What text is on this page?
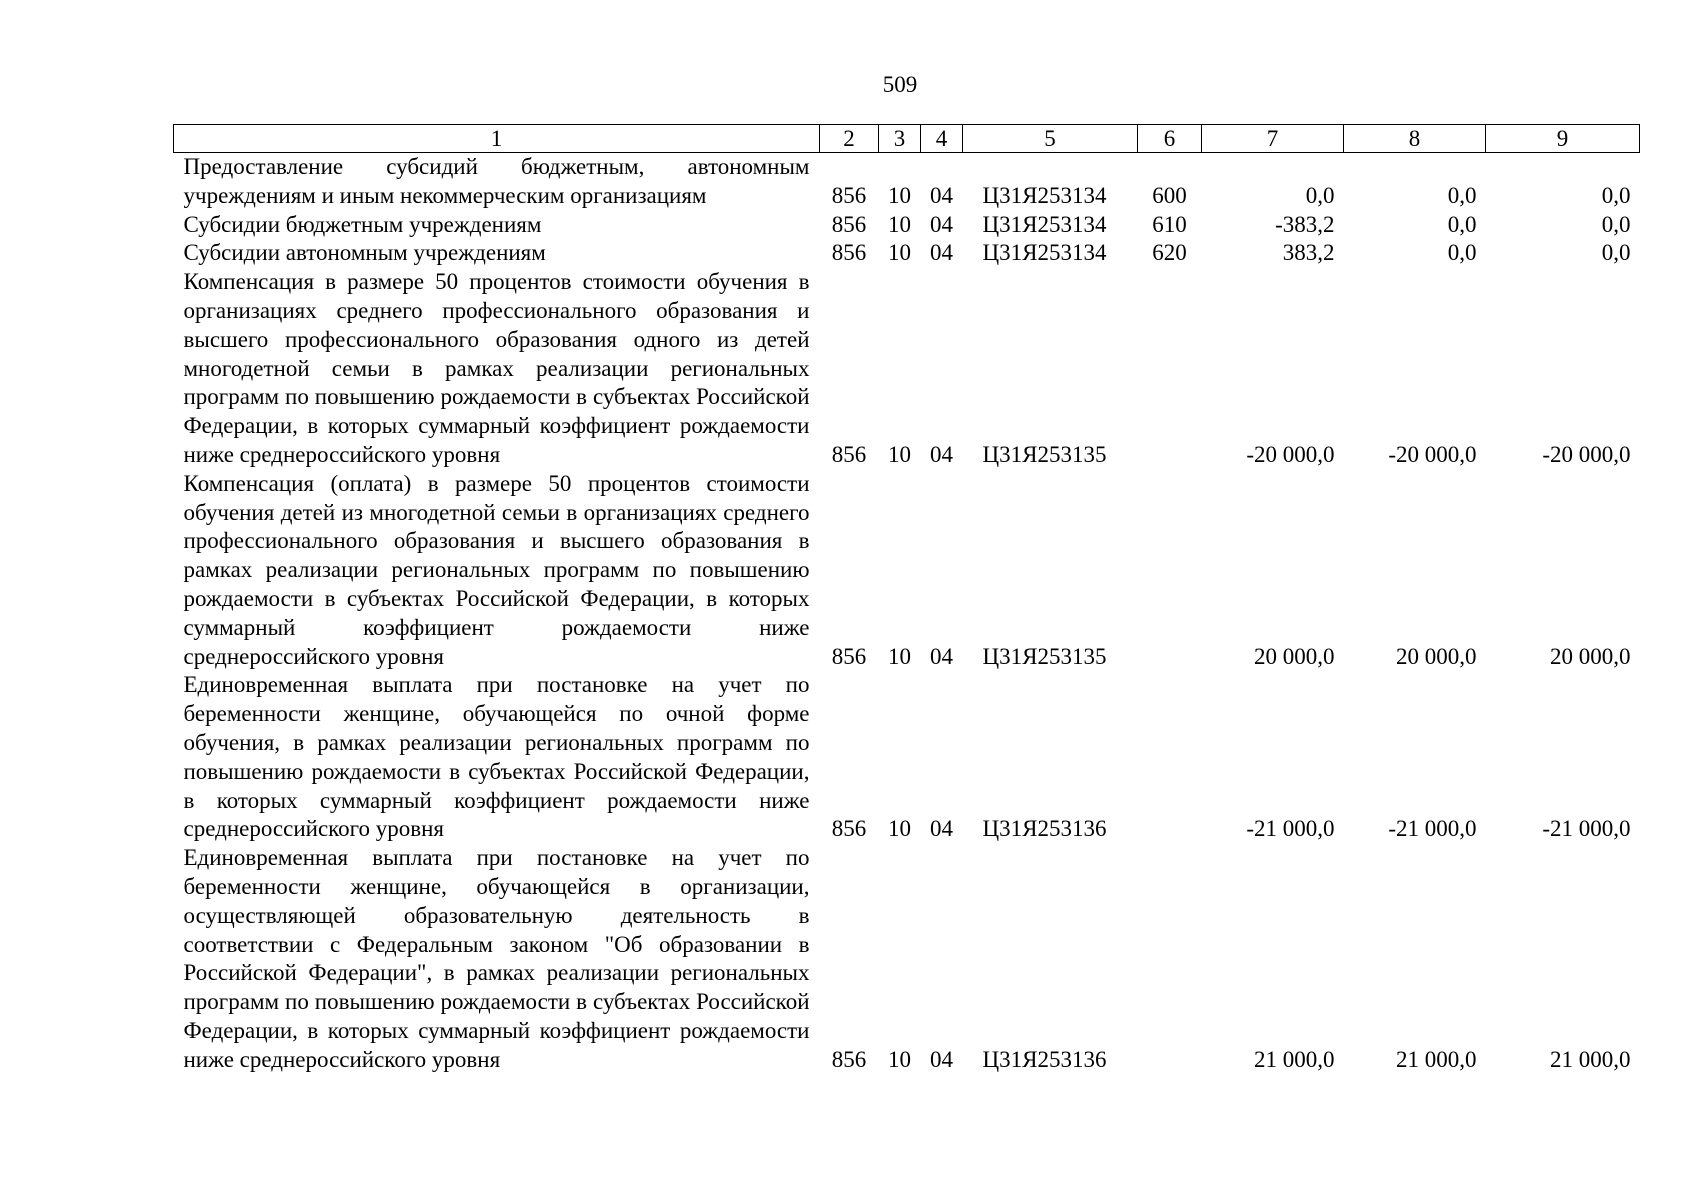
509
1	2	3	4	5	6	7	8	9
Предоставление субсидий бюджетным, автономным учреждениям и иным некоммерческим организациям	856	10	04	Ц31Я253134	600	0,0	0,0	0,0
Субсидии бюджетным учреждениям	856	10	04	Ц31Я253134	610	-383,2	0,0	0,0
Субсидии автономным учреждениям	856	10	04	Ц31Я253134	620	383,2	0,0	0,0
Компенсация в размере 50 процентов стоимости обучения в организациях среднего профессионального образования и высшего профессионального образования одного из детей многодетной семьи в рамках реализации региональных программ по повышению рождаемости в субъектах Российской Федерации, в которых суммарный коэффициент рождаемости ниже среднероссийского уровня	856	10	04	Ц31Я253135		-20 000,0	-20 000,0	-20 000,0
Компенсация (оплата) в размере 50 процентов стоимости обучения детей из многодетной семьи в организациях среднего профессионального образования и высшего образования в рамках реализации региональных программ по повышению рождаемости в субъектах Российской Федерации, в которых суммарный коэффициент рождаемости ниже среднероссийского уровня	856	10	04	Ц31Я253135		20 000,0	20 000,0	20 000,0
Единовременная выплата при постановке на учет по беременности женщине, обучающейся по очной форме обучения, в рамках реализации региональных программ по повышению рождаемости в субъектах Российской Федерации, в которых суммарный коэффициент рождаемости ниже среднероссийского уровня	856	10	04	Ц31Я253136		-21 000,0	-21 000,0	-21 000,0
Единовременная выплата при постановке на учет по беременности женщине, обучающейся в организации, осуществляющей образовательную деятельность в соответствии с Федеральным законом "Об образовании в Российской Федерации", в рамках реализации региональных программ по повышению рождаемости в субъектах Российской Федерации, в которых суммарный коэффициент рождаемости ниже среднероссийского уровня	856	10	04	Ц31Я253136		21 000,0	21 000,0	21 000,0
